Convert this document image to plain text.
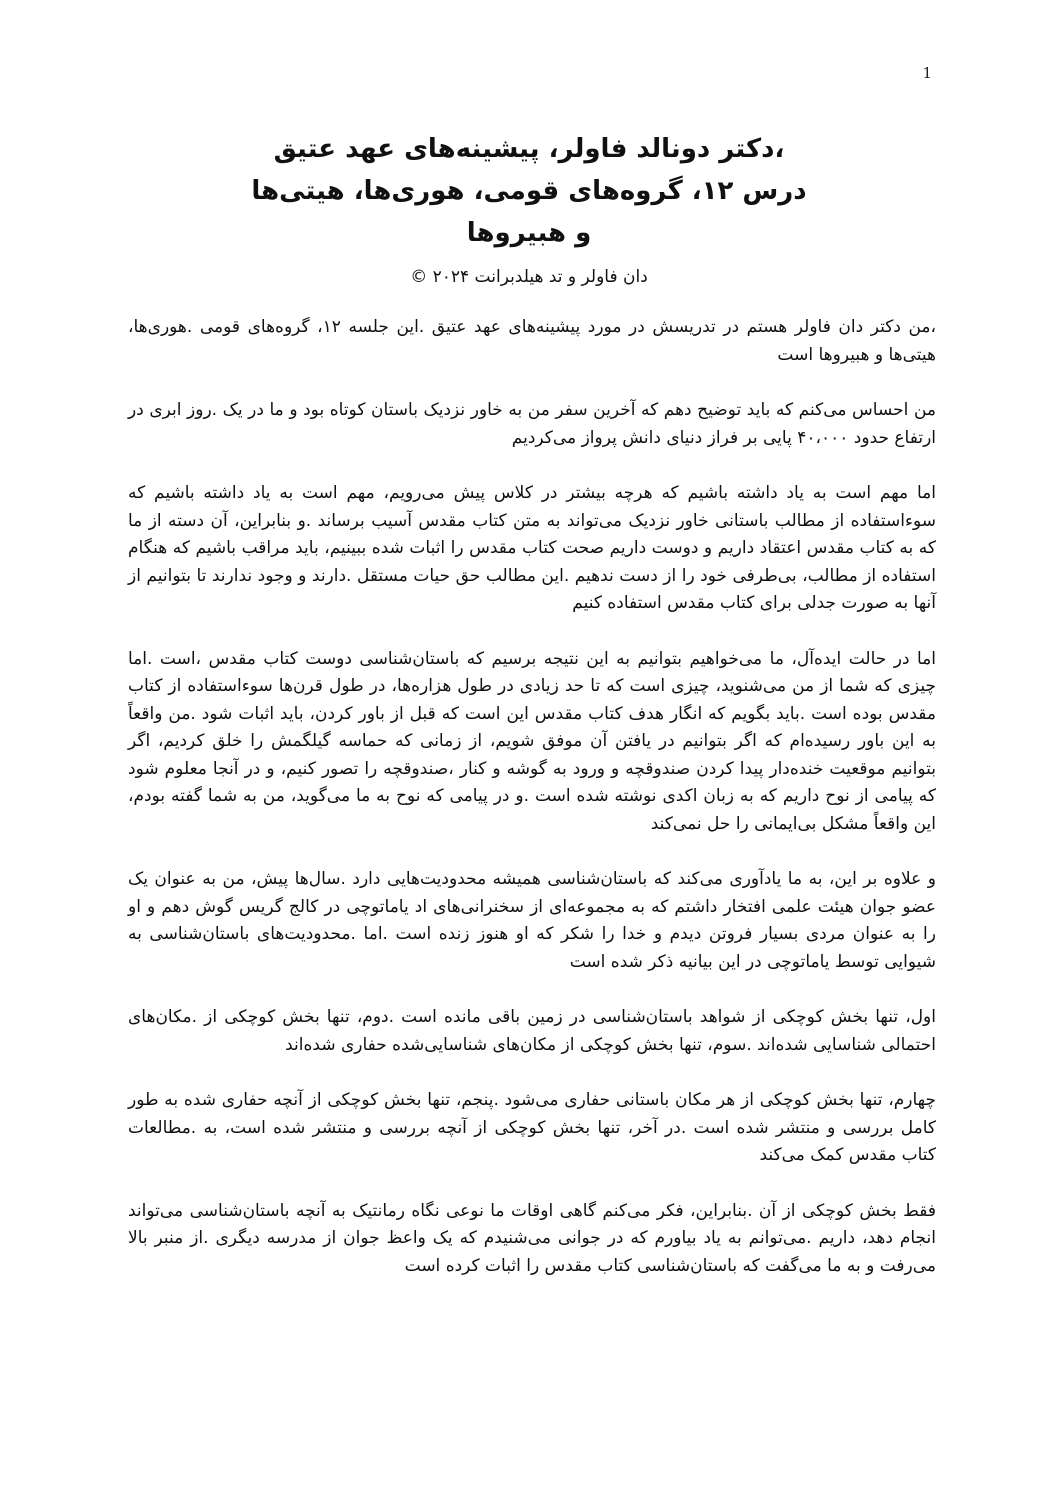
1
،دکتر دونالد فاولر، پیشینه‌های عهد عتیق
درس ۱۲، گروه‌های قومی، هوری‌ها، هیتی‌ها
و هبیروها
دان فاولر و تد هیلدبرانت ۲۰۲۴ ©

،من دکتر دان فاولر هستم در تدریسش در مورد پیشینه‌های عهد عتیق .این جلسه ۱۲، گروه‌های قومی .هوری‌ها، هیتی‌ها و هبیروها است

من احساس می‌کنم که باید توضیح دهم که آخرین سفر من به خاور نزدیک باستان کوتاه بود و ما در یک .روز ابری در ارتفاع حدود ۴۰،۰۰۰ پایی بر فراز دنیای دانش پرواز می‌کردیم

اما مهم است به یاد داشته باشیم که هرچه بیشتر در کلاس پیش می‌رویم، مهم است به یاد داشته باشیم که سوءاستفاده از مطالب باستانی خاور نزدیک می‌تواند به متن کتاب مقدس آسیب برساند .و بنابراین، آن دسته از ما که به کتاب مقدس اعتقاد داریم و دوست داریم صحت کتاب مقدس را اثبات شده ببینیم، باید مراقب باشیم که هنگام استفاده از مطالب، بی‌طرفی خود را از دست ندهیم .این مطالب حق حیات مستقل .دارند و وجود ندارند تا بتوانیم از آنها به صورت جدلی برای کتاب مقدس استفاده کنیم

اما در حالت ایده‌آل، ما می‌خواهیم بتوانیم به این نتیجه برسیم که باستان‌شناسی دوست کتاب مقدس ،است .اما چیزی که شما از من می‌شنوید، چیزی است که تا حد زیادی در طول هزاره‌ها، در طول قرن‌ها سوءاستفاده از کتاب مقدس بوده است .باید بگویم که انگار هدف کتاب مقدس این است که قبل از باور کردن، باید اثبات شود .من واقعاً به این باور رسیده‌ام که اگر بتوانیم در یافتن آن موفق شویم، از زمانی که حماسه گیلگمش را خلق کردیم، اگر بتوانیم موقعیت خنده‌دار پیدا کردن صندوقچه و ورود به گوشه و کنار ،صندوقچه را تصور کنیم، و در آنجا معلوم شود که پیامی از نوح داریم که به زبان اکدی نوشته شده است .و در پیامی که نوح به ما می‌گوید، من به شما گفته بودم، این واقعاً مشکل بی‌ایمانی را حل نمی‌کند

و علاوه بر این، به ما یادآوری می‌کند که باستان‌شناسی همیشه محدودیت‌هایی دارد .سال‌ها پیش، من به عنوان یک عضو جوان هیئت علمی افتخار داشتم که به مجموعه‌ای از سخنرانی‌های اد یاماتوچی در کالج گریس گوش دهم و او را به عنوان مردی بسیار فروتن دیدم و خدا را شکر که او هنوز زنده است .اما .محدودیت‌های باستان‌شناسی به شیوایی توسط یاماتوچی در این بیانیه ذکر شده است

اول، تنها بخش کوچکی از شواهد باستان‌شناسی در زمین باقی مانده است .دوم، تنها بخش کوچکی از .مکان‌های احتمالی شناسایی شده‌اند .سوم، تنها بخش کوچکی از مکان‌های شناسایی‌شده حفاری شده‌اند

چهارم، تنها بخش کوچکی از هر مکان باستانی حفاری می‌شود .پنجم، تنها بخش کوچکی از آنچه حفاری شده به طور کامل بررسی و منتشر شده است .در آخر، تنها بخش کوچکی از آنچه بررسی و منتشر شده است، به .مطالعات کتاب مقدس کمک می‌کند

فقط بخش کوچکی از آن .بنابراین، فکر می‌کنم گاهی اوقات ما نوعی نگاه رمانتیک به آنچه باستان‌شناسی می‌تواند انجام دهد، داریم .می‌توانم به یاد بیاورم که در جوانی می‌شنیدم که یک واعظ جوان از مدرسه دیگری .از منبر بالا می‌رفت و به ما می‌گفت که باستان‌شناسی کتاب مقدس را اثبات کرده است
